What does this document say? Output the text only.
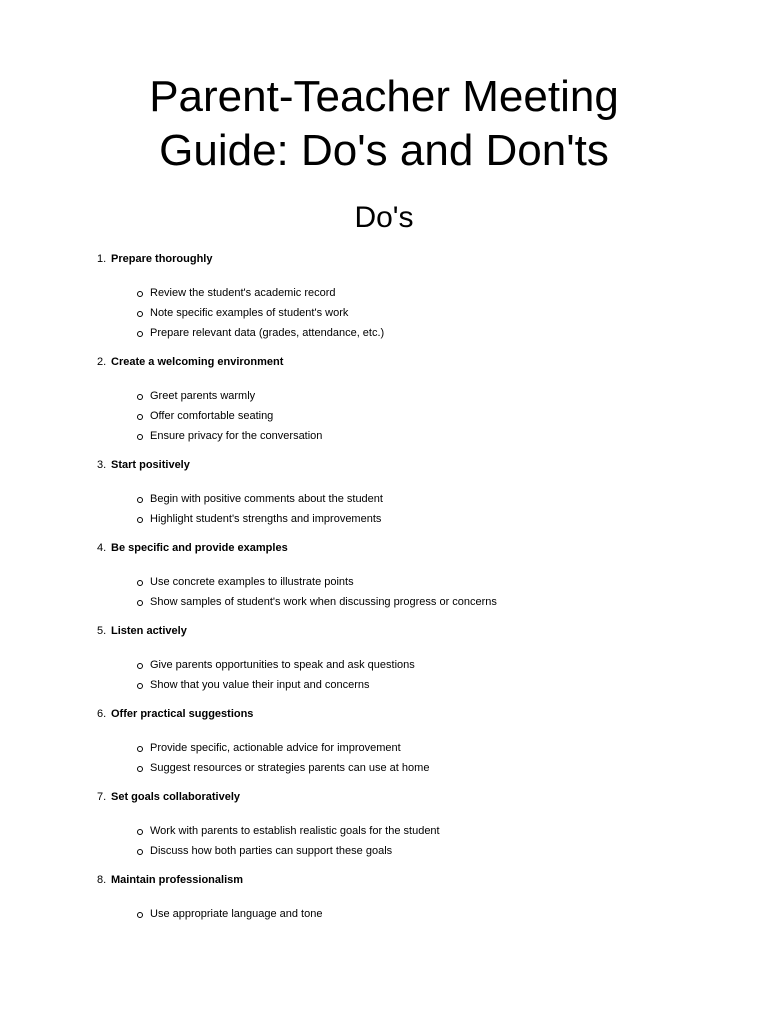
Parent-Teacher Meeting Guide: Do's and Don'ts
Do's
1. Prepare thoroughly
Review the student's academic record
Note specific examples of student's work
Prepare relevant data (grades, attendance, etc.)
2. Create a welcoming environment
Greet parents warmly
Offer comfortable seating
Ensure privacy for the conversation
3. Start positively
Begin with positive comments about the student
Highlight student's strengths and improvements
4. Be specific and provide examples
Use concrete examples to illustrate points
Show samples of student's work when discussing progress or concerns
5. Listen actively
Give parents opportunities to speak and ask questions
Show that you value their input and concerns
6. Offer practical suggestions
Provide specific, actionable advice for improvement
Suggest resources or strategies parents can use at home
7. Set goals collaboratively
Work with parents to establish realistic goals for the student
Discuss how both parties can support these goals
8. Maintain professionalism
Use appropriate language and tone
